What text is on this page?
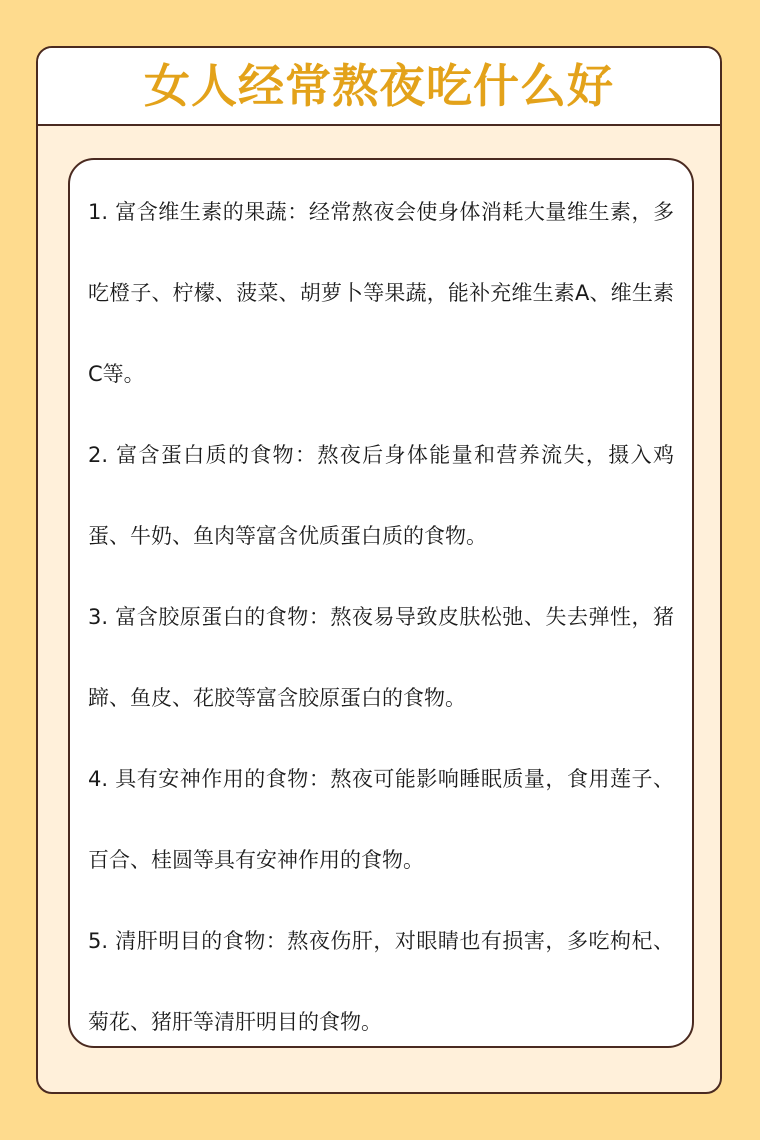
女人经常熬夜吃什么好
1. 富含维生素的果蔬：经常熬夜会使身体消耗大量维生素，多吃橙子、柠檬、菠菜、胡萝卜等果蔬，能补充维生素A、维生素C等。
2. 富含蛋白质的食物：熬夜后身体能量和营养流失，摄入鸡蛋、牛奶、鱼肉等富含优质蛋白质的食物。
3. 富含胶原蛋白的食物：熬夜易导致皮肤松弛、失去弹性，猪蹄、鱼皮、花胶等富含胶原蛋白的食物。
4. 具有安神作用的食物：熬夜可能影响睡眠质量，食用莲子、百合、桂圆等具有安神作用的食物。
5. 清肝明目的食物：熬夜伤肝，对眼睛也有损害，多吃枸杞、菊花、猪肝等清肝明目的食物。
